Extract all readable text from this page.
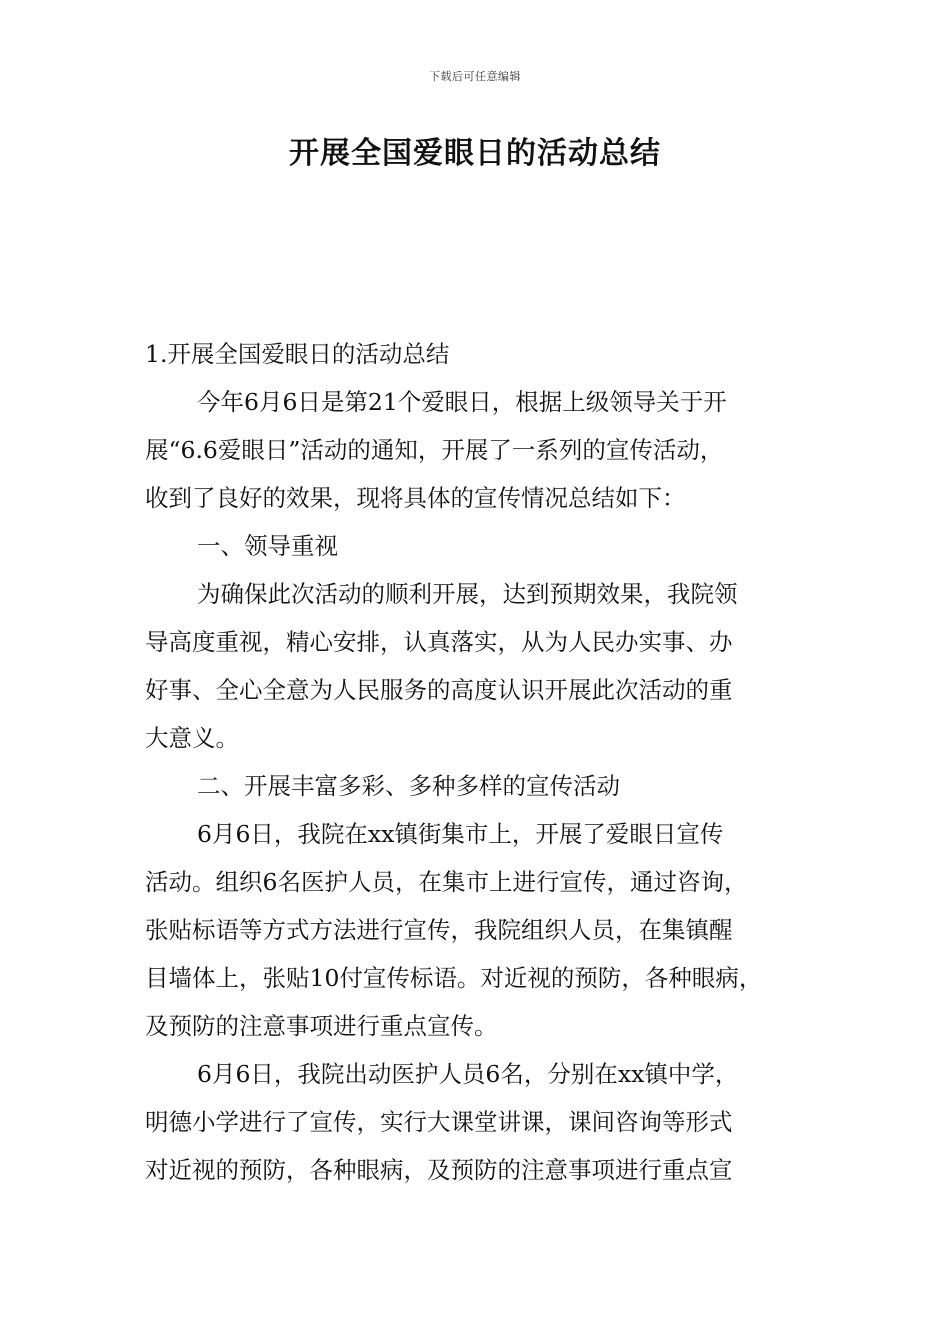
下载后可任意编辑
开展全国爱眼日的活动总结
1.开展全国爱眼日的活动总结
今年6月6日是第21个爱眼日，根据上级领导关于开
展“6.6爱眼日”活动的通知，开展了一系列的宣传活动，
收到了良好的效果，现将具体的宣传情况总结如下：
一、领导重视
为确保此次活动的顺利开展，达到预期效果，我院领
导高度重视，精心安排，认真落实，从为人民办实事、办
好事、全心全意为人民服务的高度认识开展此次活动的重
大意义。
二、开展丰富多彩、多种多样的宣传活动
6月6日，我院在xx镇街集市上，开展了爱眼日宣传
活动。组织6名医护人员，在集市上进行宣传，通过咨询，
张贴标语等方式方法进行宣传，我院组织人员，在集镇醒
目墙体上，张贴10付宣传标语。对近视的预防，各种眼病，
及预防的注意事项进行重点宣传。
6月6日，我院出动医护人员6名，分别在xx镇中学，
明德小学进行了宣传，实行大课堂讲课，课间咨询等形式
对近视的预防，各种眼病，及预防的注意事项进行重点宣
